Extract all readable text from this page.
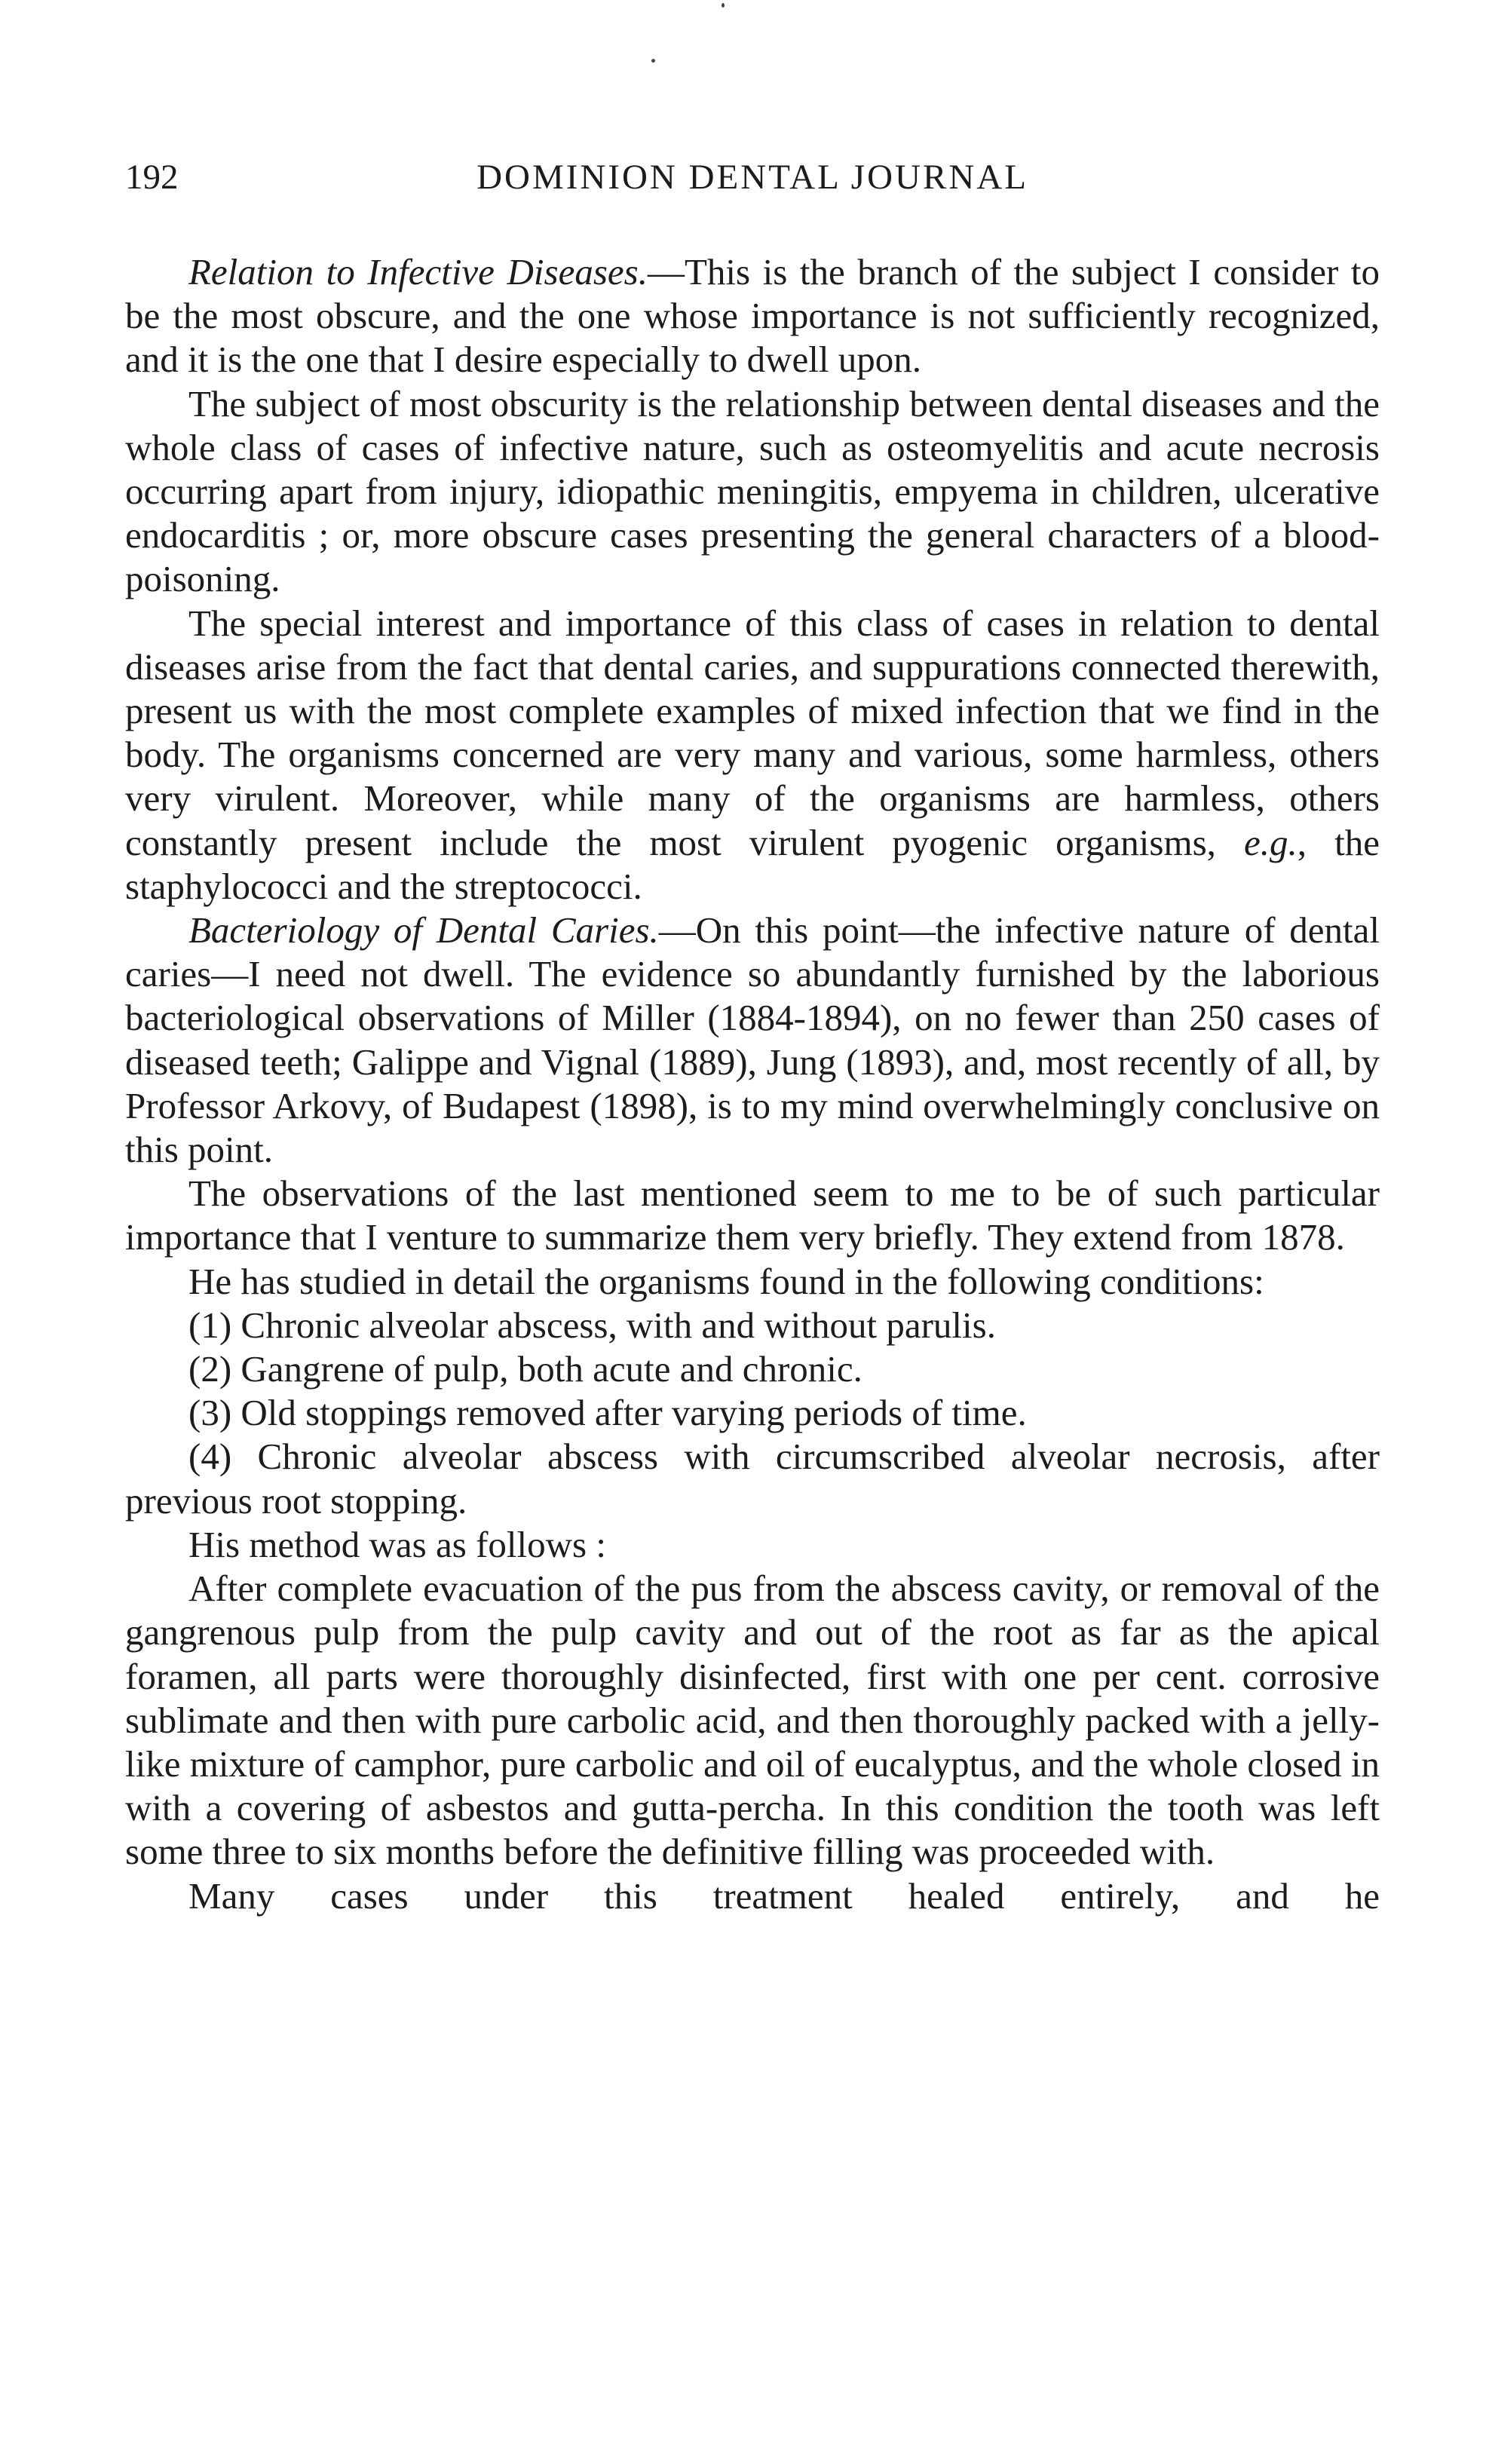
192	DOMINION DENTAL JOURNAL

Relation to Infective Diseases.—This is the branch of the subject I consider to be the most obscure, and the one whose importance is not sufficiently recognized, and it is the one that I desire especially to dwell upon.

The subject of most obscurity is the relationship between dental diseases and the whole class of cases of infective nature, such as osteomyelitis and acute necrosis occurring apart from injury, idiopathic meningitis, empyema in children, ulcerative endocarditis ; or, more obscure cases presenting the general characters of a blood-poisoning.

The special interest and importance of this class of cases in relation to dental diseases arise from the fact that dental caries, and suppurations connected therewith, present us with the most complete examples of mixed infection that we find in the body. The organisms concerned are very many and various, some harmless, others very virulent. Moreover, while many of the organisms are harmless, others constantly present include the most virulent pyogenic organisms, e.g., the staphylococci and the streptococci.

Bacteriology of Dental Caries.—On this point—the infective nature of dental caries—I need not dwell. The evidence so abundantly furnished by the laborious bacteriological observations of Miller (1884-1894), on no fewer than 250 cases of diseased teeth; Galippe and Vignal (1889), Jung (1893), and, most recently of all, by Professor Arkovy, of Budapest (1898), is to my mind overwhelmingly conclusive on this point.

The observations of the last mentioned seem to me to be of such particular importance that I venture to summarize them very briefly. They extend from 1878.

He has studied in detail the organisms found in the following conditions:

(1) Chronic alveolar abscess, with and without parulis.

(2) Gangrene of pulp, both acute and chronic.

(3) Old stoppings removed after varying periods of time.

(4) Chronic alveolar abscess with circumscribed alveolar necrosis, after previous root stopping.

His method was as follows :

After complete evacuation of the pus from the abscess cavity, or removal of the gangrenous pulp from the pulp cavity and out of the root as far as the apical foramen, all parts were thoroughly disinfected, first with one per cent. corrosive sublimate and then with pure carbolic acid, and then thoroughly packed with a jelly-like mixture of camphor, pure carbolic and oil of eucalyptus, and the whole closed in with a covering of asbestos and gutta-percha. In this condition the tooth was left some three to six months before the definitive filling was proceeded with.

Many cases under this treatment healed entirely, and he
